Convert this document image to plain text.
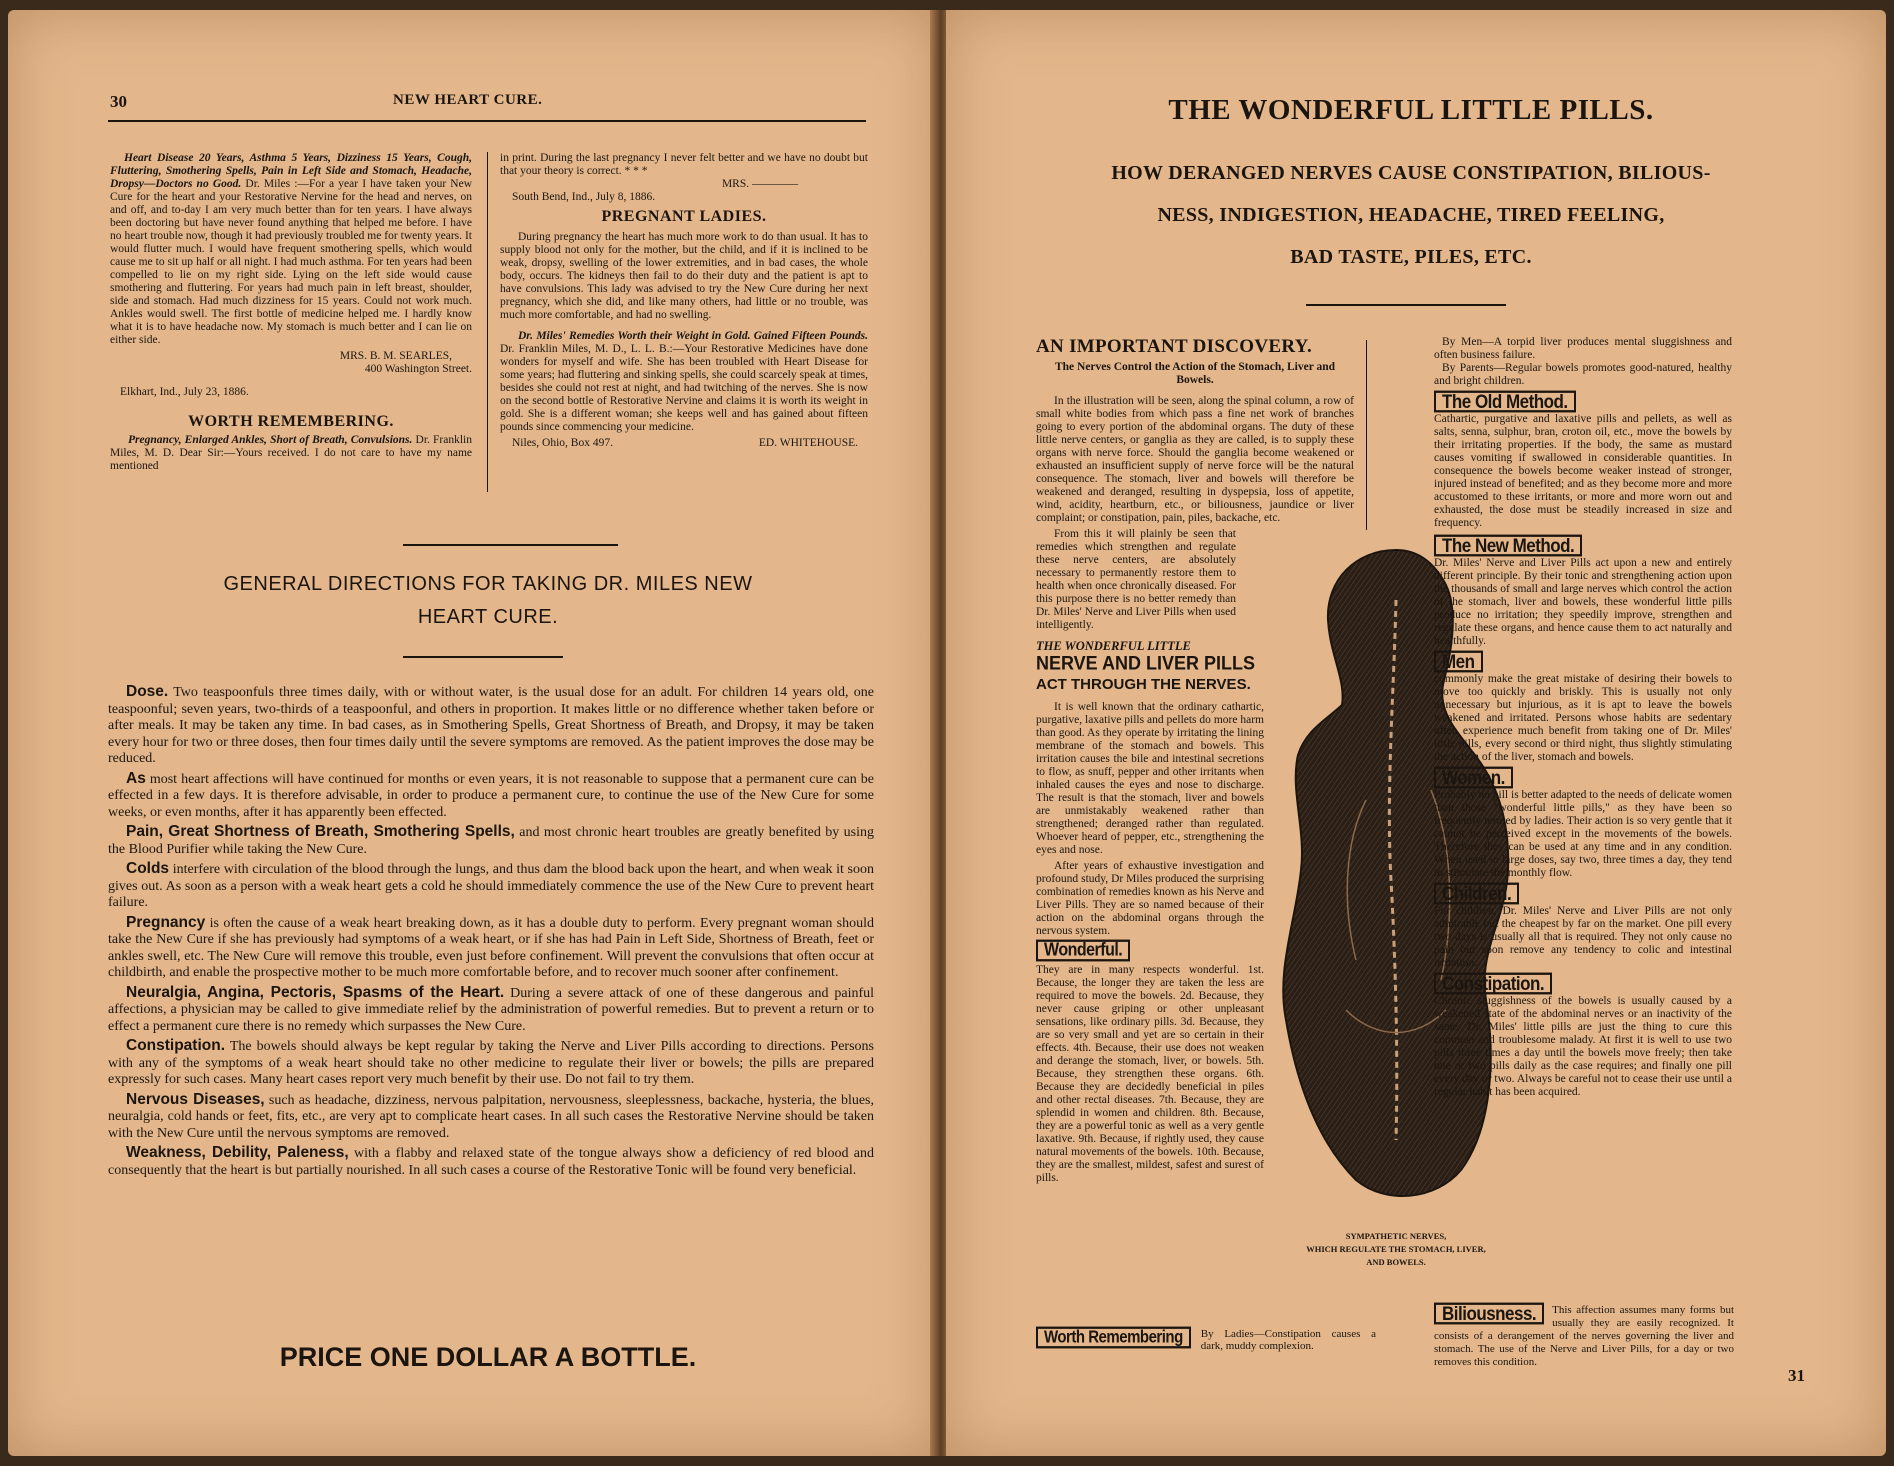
30	NEW HEART CURE.

Heart Disease 20 Years, Asthma 5 Years, Dizziness 15 Years, Cough, Fluttering, Smothering Spells, Pain in Left Side and Stomach, Headache, Dropsy—Doctors no Good. Dr. Miles :—For a year I have taken your New Cure for the heart and your Restorative Nervine for the head and nerves, on and off, and to-day I am very much better than for ten years. I have always been doctoring but have never found anything that helped me before. I have no heart trouble now, though it had previously troubled me for twenty years. It would flutter much. I would have frequent smothering spells, which would cause me to sit up half or all night. I had much asthma. For ten years had been compelled to lie on my right side. Lying on the left side would cause smothering and fluttering. For years had much pain in left breast, shoulder, side and stomach. Had much dizziness for 15 years. Could not work much. Ankles would swell. The first bottle of medicine helped me. I hardly know what it is to have headache now. My stomach is much better and I can lie on either side.

MRS. B. M. SEARLES,
400 Washington Street.
Elkhart, Ind., July 23, 1886.
WORTH REMEMBERING.

Pregnancy, Enlarged Ankles, Short of Breath, Convulsions. Dr. Franklin Miles, M. D. Dear Sir:—Yours received. I do not care to have my name mentioned

in print. During the last pregnancy I never felt better and we have no doubt but that your theory is correct. * * *

MRS. ————
South Bend, Ind., July 8, 1886.
PREGNANT LADIES.

During pregnancy the heart has much more work to do than usual. It has to supply blood not only for the mother, but the child, and if it is inclined to be weak, dropsy, swelling of the lower extremities, and in bad cases, the whole body, occurs. The kidneys then fail to do their duty and the patient is apt to have convulsions. This lady was advised to try the New Cure during her next pregnancy, which she did, and like many others, had little or no trouble, was much more comfortable, and had no swelling.

Dr. Miles' Remedies Worth their Weight in Gold. Gained Fifteen Pounds. Dr. Franklin Miles, M. D., L. L. B.:—Your Restorative Medicines have done wonders for myself and wife. She has been troubled with Heart Disease for some years; had fluttering and sinking spells, she could scarcely speak at times, besides she could not rest at night, and had twitching of the nerves. She is now on the second bottle of Restorative Nervine and claims it is worth its weight in gold. She is a different woman; she keeps well and has gained about fifteen pounds since commencing your medicine.

Niles, Ohio, Box 497.	ED. WHITEHOUSE.
GENERAL DIRECTIONS FOR TAKING DR. MILES NEW
HEART CURE.

Dose. Two teaspoonfuls three times daily, with or without water, is the usual dose for an adult. For children 14 years old, one teaspoonful; seven years, two-thirds of a teaspoonful, and others in proportion. It makes little or no difference whether taken before or after meals. It may be taken any time. In bad cases, as in Smothering Spells, Great Shortness of Breath, and Dropsy, it may be taken every hour for two or three doses, then four times daily until the severe symptoms are removed. As the patient improves the dose may be reduced.

As most heart affections will have continued for months or even years, it is not reasonable to suppose that a permanent cure can be effected in a few days. It is therefore advisable, in order to produce a permanent cure, to continue the use of the New Cure for some weeks, or even months, after it has apparently been effected.

Pain, Great Shortness of Breath, Smothering Spells, and most chronic heart troubles are greatly benefited by using the Blood Purifier while taking the New Cure.

Colds interfere with circulation of the blood through the lungs, and thus dam the blood back upon the heart, and when weak it soon gives out. As soon as a person with a weak heart gets a cold he should immediately commence the use of the New Cure to prevent heart failure.

Pregnancy is often the cause of a weak heart breaking down, as it has a double duty to perform. Every pregnant woman should take the New Cure if she has previously had symptoms of a weak heart, or if she has had Pain in Left Side, Shortness of Breath, feet or ankles swell, etc. The New Cure will remove this trouble, even just before confinement. Will prevent the convulsions that often occur at childbirth, and enable the prospective mother to be much more comfortable before, and to recover much sooner after confinement.

Neuralgia, Angina, Pectoris, Spasms of the Heart. During a severe attack of one of these dangerous and painful affections, a physician may be called to give immediate relief by the administration of powerful remedies. But to prevent a return or to effect a permanent cure there is no remedy which surpasses the New Cure.

Constipation. The bowels should always be kept regular by taking the Nerve and Liver Pills according to directions. Persons with any of the symptoms of a weak heart should take no other medicine to regulate their liver or bowels; the pills are prepared expressly for such cases. Many heart cases report very much benefit by their use. Do not fail to try them.

Nervous Diseases, such as headache, dizziness, nervous palpitation, nervousness, sleeplessness, backache, hysteria, the blues, neuralgia, cold hands or feet, fits, etc., are very apt to complicate heart cases. In all such cases the Restorative Nervine should be taken with the New Cure until the nervous symptoms are removed.

Weakness, Debility, Paleness, with a flabby and relaxed state of the tongue always show a deficiency of red blood and consequently that the heart is but partially nourished. In all such cases a course of the Restorative Tonic will be found very beneficial.

PRICE ONE DOLLAR A BOTTLE.
THE WONDERFUL LITTLE PILLS.
HOW DERANGED NERVES CAUSE CONSTIPATION, BILIOUS-
NESS, INDIGESTION, HEADACHE, TIRED FEELING,
BAD TASTE, PILES, ETC.
AN IMPORTANT DISCOVERY.
The Nerves Control the Action of the Stomach, Liver and Bowels.

In the illustration will be seen, along the spinal column, a row of small white bodies from which pass a fine net work of branches going to every portion of the abdominal organs. The duty of these little nerve centers, or ganglia as they are called, is to supply these organs with nerve force. Should the ganglia become weakened or exhausted an insufficient supply of nerve force will be the natural consequence. The stomach, liver and bowels will therefore be weakened and deranged, resulting in dyspepsia, loss of appetite, wind, acidity, heartburn, etc., or biliousness, jaundice or liver complaint; or constipation, pain, piles, backache, etc.

From this it will plainly be seen that remedies which strengthen and regulate these nerve centers, are absolutely necessary to permanently restore them to health when once chronically diseased. For this purpose there is no better remedy than Dr. Miles' Nerve and Liver Pills when used intelligently.

THE WONDERFUL LITTLE
NERVE AND LIVER PILLS
ACT THROUGH THE NERVES.

It is well known that the ordinary cathartic, purgative, laxative pills and pellets do more harm than good. As they operate by irritating the lining membrane of the stomach and bowels. This irritation causes the bile and intestinal secretions to flow, as snuff, pepper and other irritants when inhaled causes the eyes and nose to discharge. The result is that the stomach, liver and bowels are unmistakably weakened rather than strengthened; deranged rather than regulated. Whoever heard of pepper, etc., strengthening the eyes and nose.

After years of exhaustive investigation and profound study, Dr Miles produced the surprising combination of remedies known as his Nerve and Liver Pills. They are so named because of their action on the abdominal organs through the nervous system.

Wonderful.

They are in many respects wonderful. 1st. Because, the longer they are taken the less are required to move the bowels. 2d. Because, they never cause griping or other unpleasant sensations, like ordinary pills. 3d. Because, they are so very small and yet are so certain in their effects. 4th. Because, their use does not weaken and derange the stomach, liver, or bowels. 5th. Because, they strengthen these organs. 6th. Because they are decidedly beneficial in piles and other rectal diseases. 7th. Because, they are splendid in women and children. 8th. Because, they are a powerful tonic as well as a very gentle laxative. 9th. Because, if rightly used, they cause natural movements of the bowels. 10th. Because, they are the smallest, mildest, safest and surest of pills.

SYMPATHETIC NERVES,
WHICH REGULATE THE STOMACH, LIVER,
AND BOWELS.

By Men—A torpid liver produces mental sluggishness and often business failure.

By Parents—Regular bowels promotes good-natured, healthy and bright children.

The Old Method.

Cathartic, purgative and laxative pills and pellets, as well as salts, senna, sulphur, bran, croton oil, etc., move the bowels by their irritating properties. If the body, the same as mustard causes vomiting if swallowed in considerable quantities. In consequence the bowels become weaker instead of stronger, injured instead of benefited; and as they become more and more accustomed to these irritants, or more and more worn out and exhausted, the dose must be steadily increased in size and frequency.

The New Method.

Dr. Miles' Nerve and Liver Pills act upon a new and entirely different principle. By their tonic and strengthening action upon the thousands of small and large nerves which control the action of the stomach, liver and bowels, these wonderful little pills produce no irritation; they speedily improve, strengthen and regulate these organs, and hence cause them to act naturally and healthfully.

Men

commonly make the great mistake of desiring their bowels to move too quickly and briskly. This is usually not only unnecessary but injurious, as it is apt to leave the bowels weakened and irritated. Persons whose habits are sedentary often experience much benefit from taking one of Dr. Miles' little pills, every second or third night, thus slightly stimulating the action of the liver, stomach and bowels.

Women.

Probably no pill is better adapted to the needs of delicate women than those "wonderful little pills," as they have been so frequently termed by ladies. Their action is so very gentle that it cannot be perceived except in the movements of the bowels. Therefore they can be used at any time and in any condition. When used in large doses, say two, three times a day, they tend to stimulate the monthly flow.

Children.

For children, Dr. Miles' Nerve and Liver Pills are not only admirable but the cheapest by far on the market. One pill every two days is usually all that is required. They not only cause no pain but soon remove any tendency to colic and intestinal irritation.

Constipation.

Chronic sluggishness of the bowels is usually caused by a weakened state of the abdominal nerves or an inactivity of the same. Dr. Miles' little pills are just the thing to cure this common and troublesome malady. At first it is well to use two pills three times a day until the bowels move freely; then take one or two pills daily as the case requires; and finally one pill every day or two. Always be careful not to cease their use until a regular habit has been acquired.

Worth Remembering	By Ladies—Constipation causes a dark, muddy complexion.
Biliousness.	This affection assumes many forms but usually they are easily recognized. It consists of a derangement of the nerves governing the liver and stomach. The use of the Nerve and Liver Pills, for a day or two removes this condition.
31
